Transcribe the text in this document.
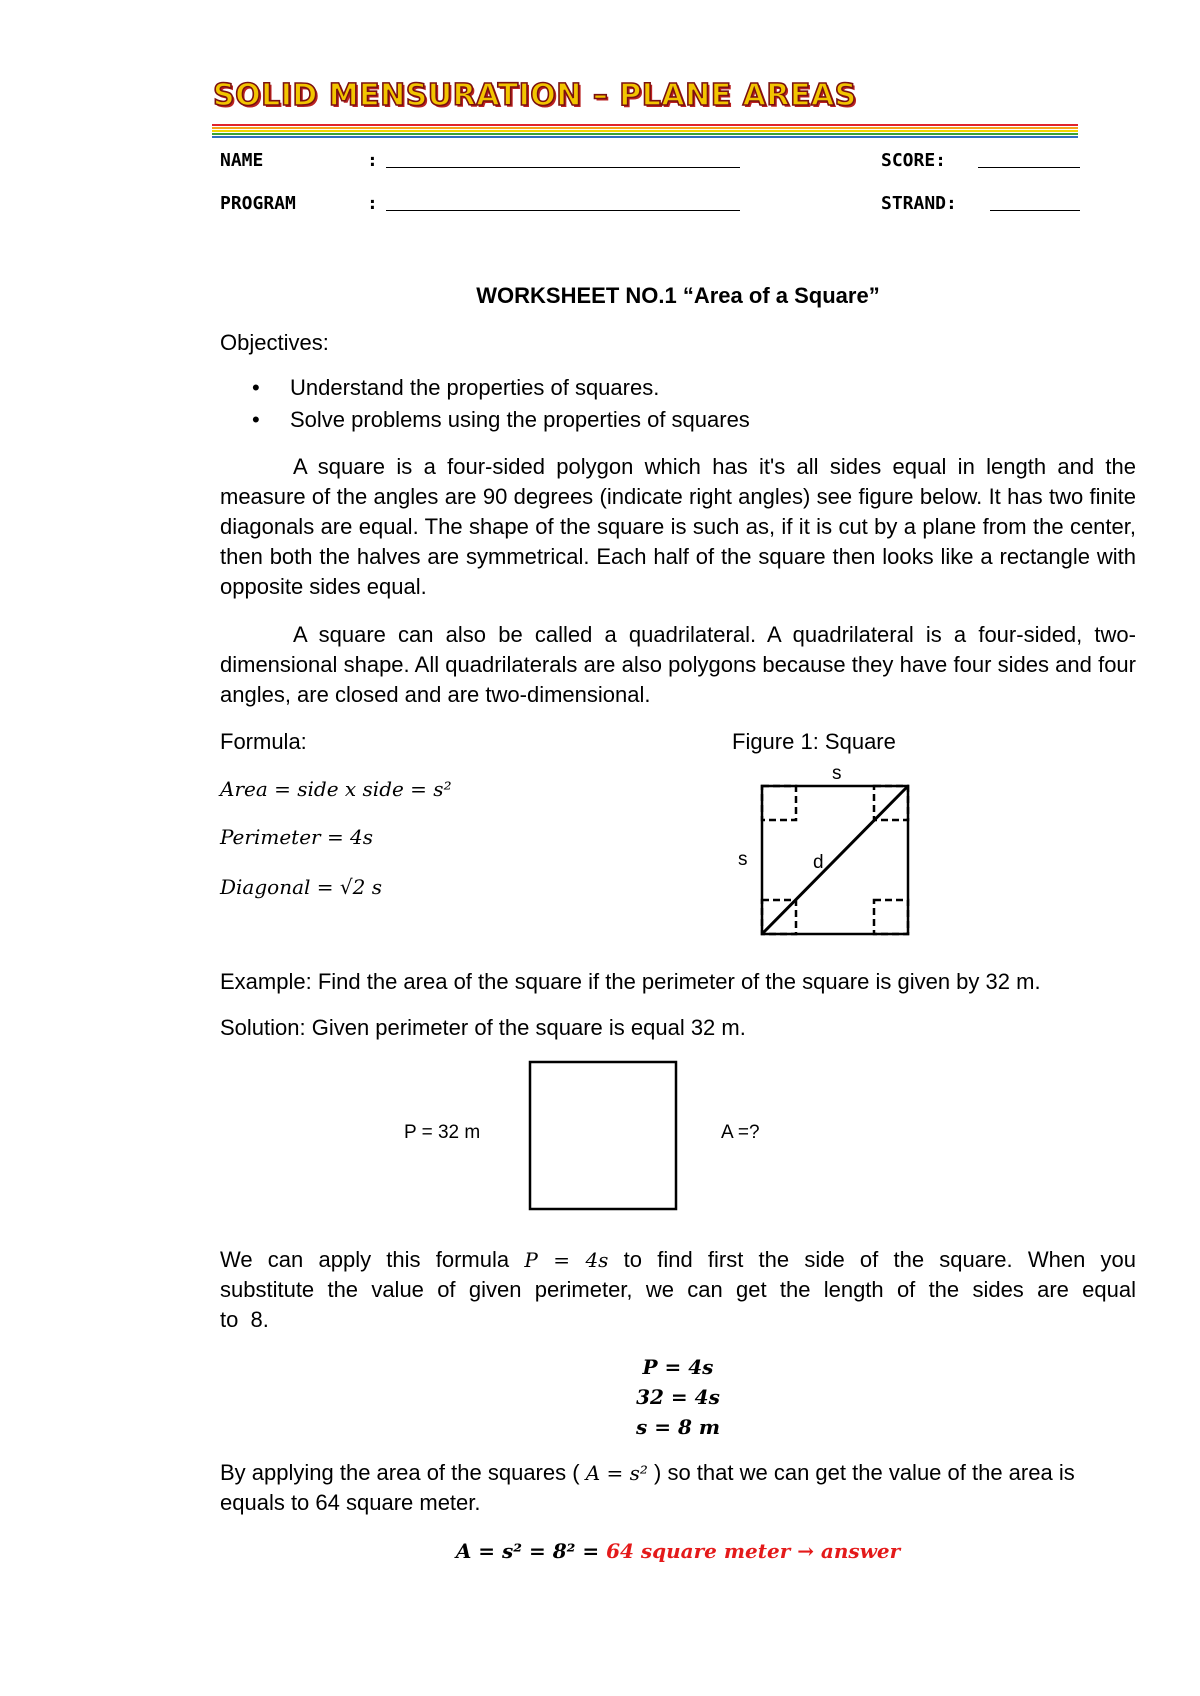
SOLID MENSURATION – PLANE AREAS
NAME	:	SCORE:
PROGRAM	:	STRAND:
WORKSHEET NO.1 “Area of a Square”
Objectives:
• Understand the properties of squares.
• Solve problems using the properties of squares
A square is a four-sided polygon which has it's all sides equal in length and the measure of the angles are 90 degrees (indicate right angles) see figure below. It has two finite diagonals are equal. The shape of the square is such as, if it is cut by a plane from the center, then both the halves are symmetrical. Each half of the square then looks like a rectangle with opposite sides equal.
A square can also be called a quadrilateral. A quadrilateral is a four-sided, two-dimensional shape. All quadrilaterals are also polygons because they have four sides and four angles, are closed and are two-dimensional.
Formula:
Area = side x side = s²
Perimeter = 4s
Diagonal = √2 s
Figure 1: Square
s
s	d
Example: Find the area of the square if the perimeter of the square is given by 32 m.
Solution: Given perimeter of the square is equal 32 m.
P = 32 m	A =?
We can apply this formula P = 4s to find first the side of the square. When you substitute the value of given perimeter, we can get the length of the sides are equal to 8.
P = 4s
32 = 4s
s = 8 m
By applying the area of the squares ( A = s² ) so that we can get the value of the area is equals to 64 square meter.
A = s² = 8² = 64 square meter → answer
